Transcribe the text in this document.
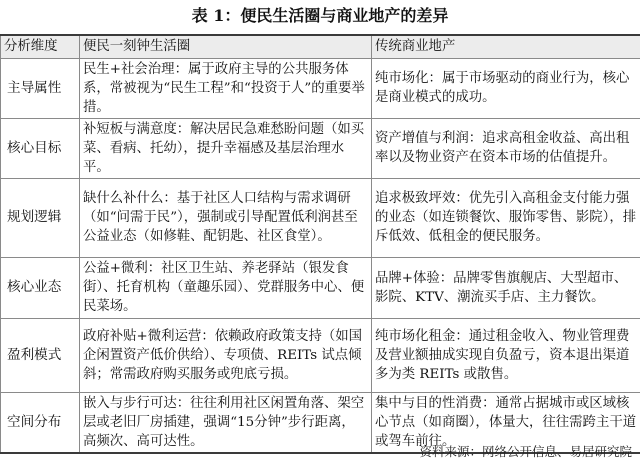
表 1：便民生活圈与商业地产的差异
分析维度	便民一刻钟生活圈	传统商业地产
主导属性	民生+社会治理：属于政府主导的公共服务体系，常被视为“民生工程”和“投资于人”的重要举措。	纯市场化：属于市场驱动的商业行为，核心是商业模式的成功。
核心目标	补短板与满意度：解决居民急难愁盼问题（如买菜、看病、托幼），提升幸福感及基层治理水平。	资产增值与利润：追求高租金收益、高出租率以及物业资产在资本市场的估值提升。
规划逻辑	缺什么补什么：基于社区人口结构与需求调研（如“问需于民”），强制或引导配置低利润甚至公益业态（如修鞋、配钥匙、社区食堂）。	追求极致坪效：优先引入高租金支付能力强的业态（如连锁餐饮、服饰零售、影院），排斥低效、低租金的便民服务。
核心业态	公益+微利：社区卫生站、养老驿站（银发食街）、托育机构（童趣乐园）、党群服务中心、便民菜场。	品牌+体验：品牌零售旗舰店、大型超市、影院、KTV、潮流买手店、主力餐饮。
盈利模式	政府补贴+微利运营：依赖政府政策支持（如国企闲置资产低价供给）、专项债、REITs 试点倾斜；常需政府购买服务或兜底亏损。	纯市场化租金：通过租金收入、物业管理费及营业额抽成实现自负盈亏，资本退出渠道多为类 REITs 或散售。
空间分布	嵌入与步行可达：往往利用社区闲置角落、架空层或老旧厂房插建，强调“15分钟”步行距离，高频次、高可达性。	集中与目的性消费：通常占据城市或区域核心节点（如商圈），体量大，往往需跨主干道或驾车前往。
资料来源：网络公开信息、易居研究院
